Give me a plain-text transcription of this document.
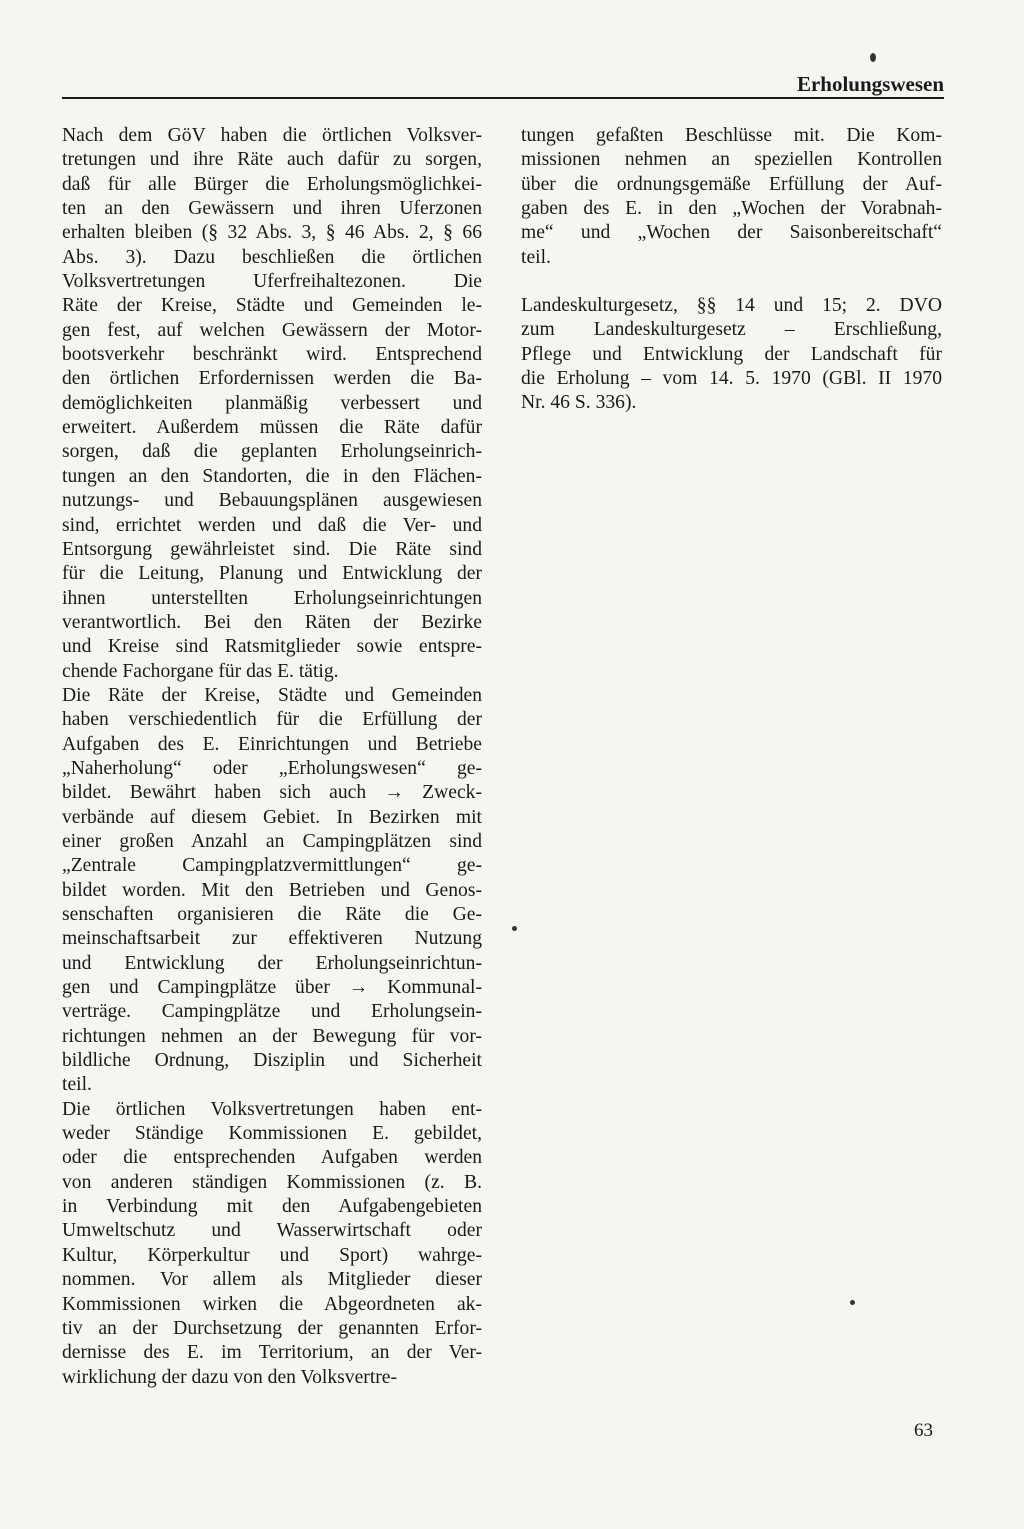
Erholungswesen
Nach dem GöV haben die örtlichen Volksver-
tretungen und ihre Räte auch dafür zu sorgen,
daß für alle Bürger die Erholungsmöglichkei-
ten an den Gewässern und ihren Uferzonen
erhalten bleiben (§ 32 Abs. 3, § 46 Abs. 2, § 66
Abs. 3). Dazu beschließen die örtlichen
Volksvertretungen Uferfreihaltezonen. Die
Räte der Kreise, Städte und Gemeinden le-
gen fest, auf welchen Gewässern der Motor-
bootsverkehr beschränkt wird. Entsprechend
den örtlichen Erfordernissen werden die Ba-
demöglichkeiten planmäßig verbessert und
erweitert. Außerdem müssen die Räte dafür
sorgen, daß die geplanten Erholungseinrich-
tungen an den Standorten, die in den Flächen-
nutzungs- und Bebauungsplänen ausgewiesen
sind, errichtet werden und daß die Ver- und
Entsorgung gewährleistet sind. Die Räte sind
für die Leitung, Planung und Entwicklung der
ihnen unterstellten Erholungseinrichtungen
verantwortlich. Bei den Räten der Bezirke
und Kreise sind Ratsmitglieder sowie entspre-
chende Fachorgane für das E. tätig.
Die Räte der Kreise, Städte und Gemeinden
haben verschiedentlich für die Erfüllung der
Aufgaben des E. Einrichtungen und Betriebe
„Naherholung“ oder „Erholungswesen“ ge-
bildet. Bewährt haben sich auch → Zweck-
verbände auf diesem Gebiet. In Bezirken mit
einer großen Anzahl an Campingplätzen sind
„Zentrale Campingplatzvermittlungen“ ge-
bildet worden. Mit den Betrieben und Genos-
senschaften organisieren die Räte die Ge-
meinschaftsarbeit zur effektiveren Nutzung
und Entwicklung der Erholungseinrichtun-
gen und Campingplätze über → Kommunal-
verträge. Campingplätze und Erholungsein-
richtungen nehmen an der Bewegung für vor-
bildliche Ordnung, Disziplin und Sicherheit
teil.
Die örtlichen Volksvertretungen haben ent-
weder Ständige Kommissionen E. gebildet,
oder die entsprechenden Aufgaben werden
von anderen ständigen Kommissionen (z. B.
in Verbindung mit den Aufgabengebieten
Umweltschutz und Wasserwirtschaft oder
Kultur, Körperkultur und Sport) wahrge-
nommen. Vor allem als Mitglieder dieser
Kommissionen wirken die Abgeordneten ak-
tiv an der Durchsetzung der genannten Erfor-
dernisse des E. im Territorium, an der Ver-
wirklichung der dazu von den Volksvertre-
tungen gefaßten Beschlüsse mit. Die Kom-
missionen nehmen an speziellen Kontrollen
über die ordnungsgemäße Erfüllung der Auf-
gaben des E. in den „Wochen der Vorabnah-
me“ und „Wochen der Saisonbereitschaft“
teil.
Landeskulturgesetz, §§ 14 und 15; 2. DVO
zum Landeskulturgesetz – Erschließung,
Pflege und Entwicklung der Landschaft für
die Erholung – vom 14. 5. 1970 (GBl. II 1970
Nr. 46 S. 336).
63
